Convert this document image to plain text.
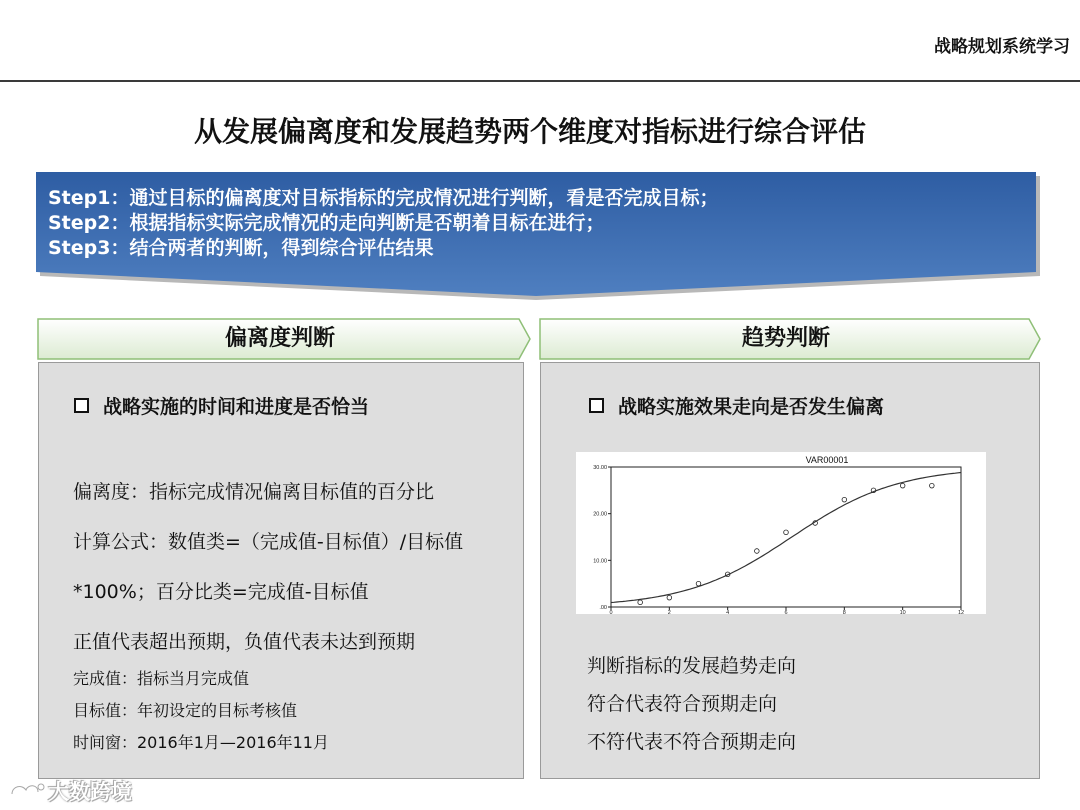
战略规划系统学习
从发展偏离度和发展趋势两个维度对指标进行综合评估
Step1：通过目标的偏离度对目标指标的完成情况进行判断，看是否完成目标；
Step2：根据指标实际完成情况的走向判断是否朝着目标在进行；
Step3：结合两者的判断，得到综合评估结果
偏离度判断	趋势判断
战略实施的时间和进度是否恰当
偏离度：指标完成情况偏离目标值的百分比
计算公式：数值类=（完成值-目标值）/目标值
*100%；百分比类=完成值-目标值
正值代表超出预期，负值代表未达到预期
完成值：指标当月完成值
目标值：年初设定的目标考核值
时间窗：2016年1月—2016年11月
战略实施效果走向是否发生偏离
VAR00001
.00
10.00
20.00
30.00
0	2	4	6	8	10	12
判断指标的发展趋势走向
符合代表符合预期走向
不符代表不符合预期走向
大数跨境
